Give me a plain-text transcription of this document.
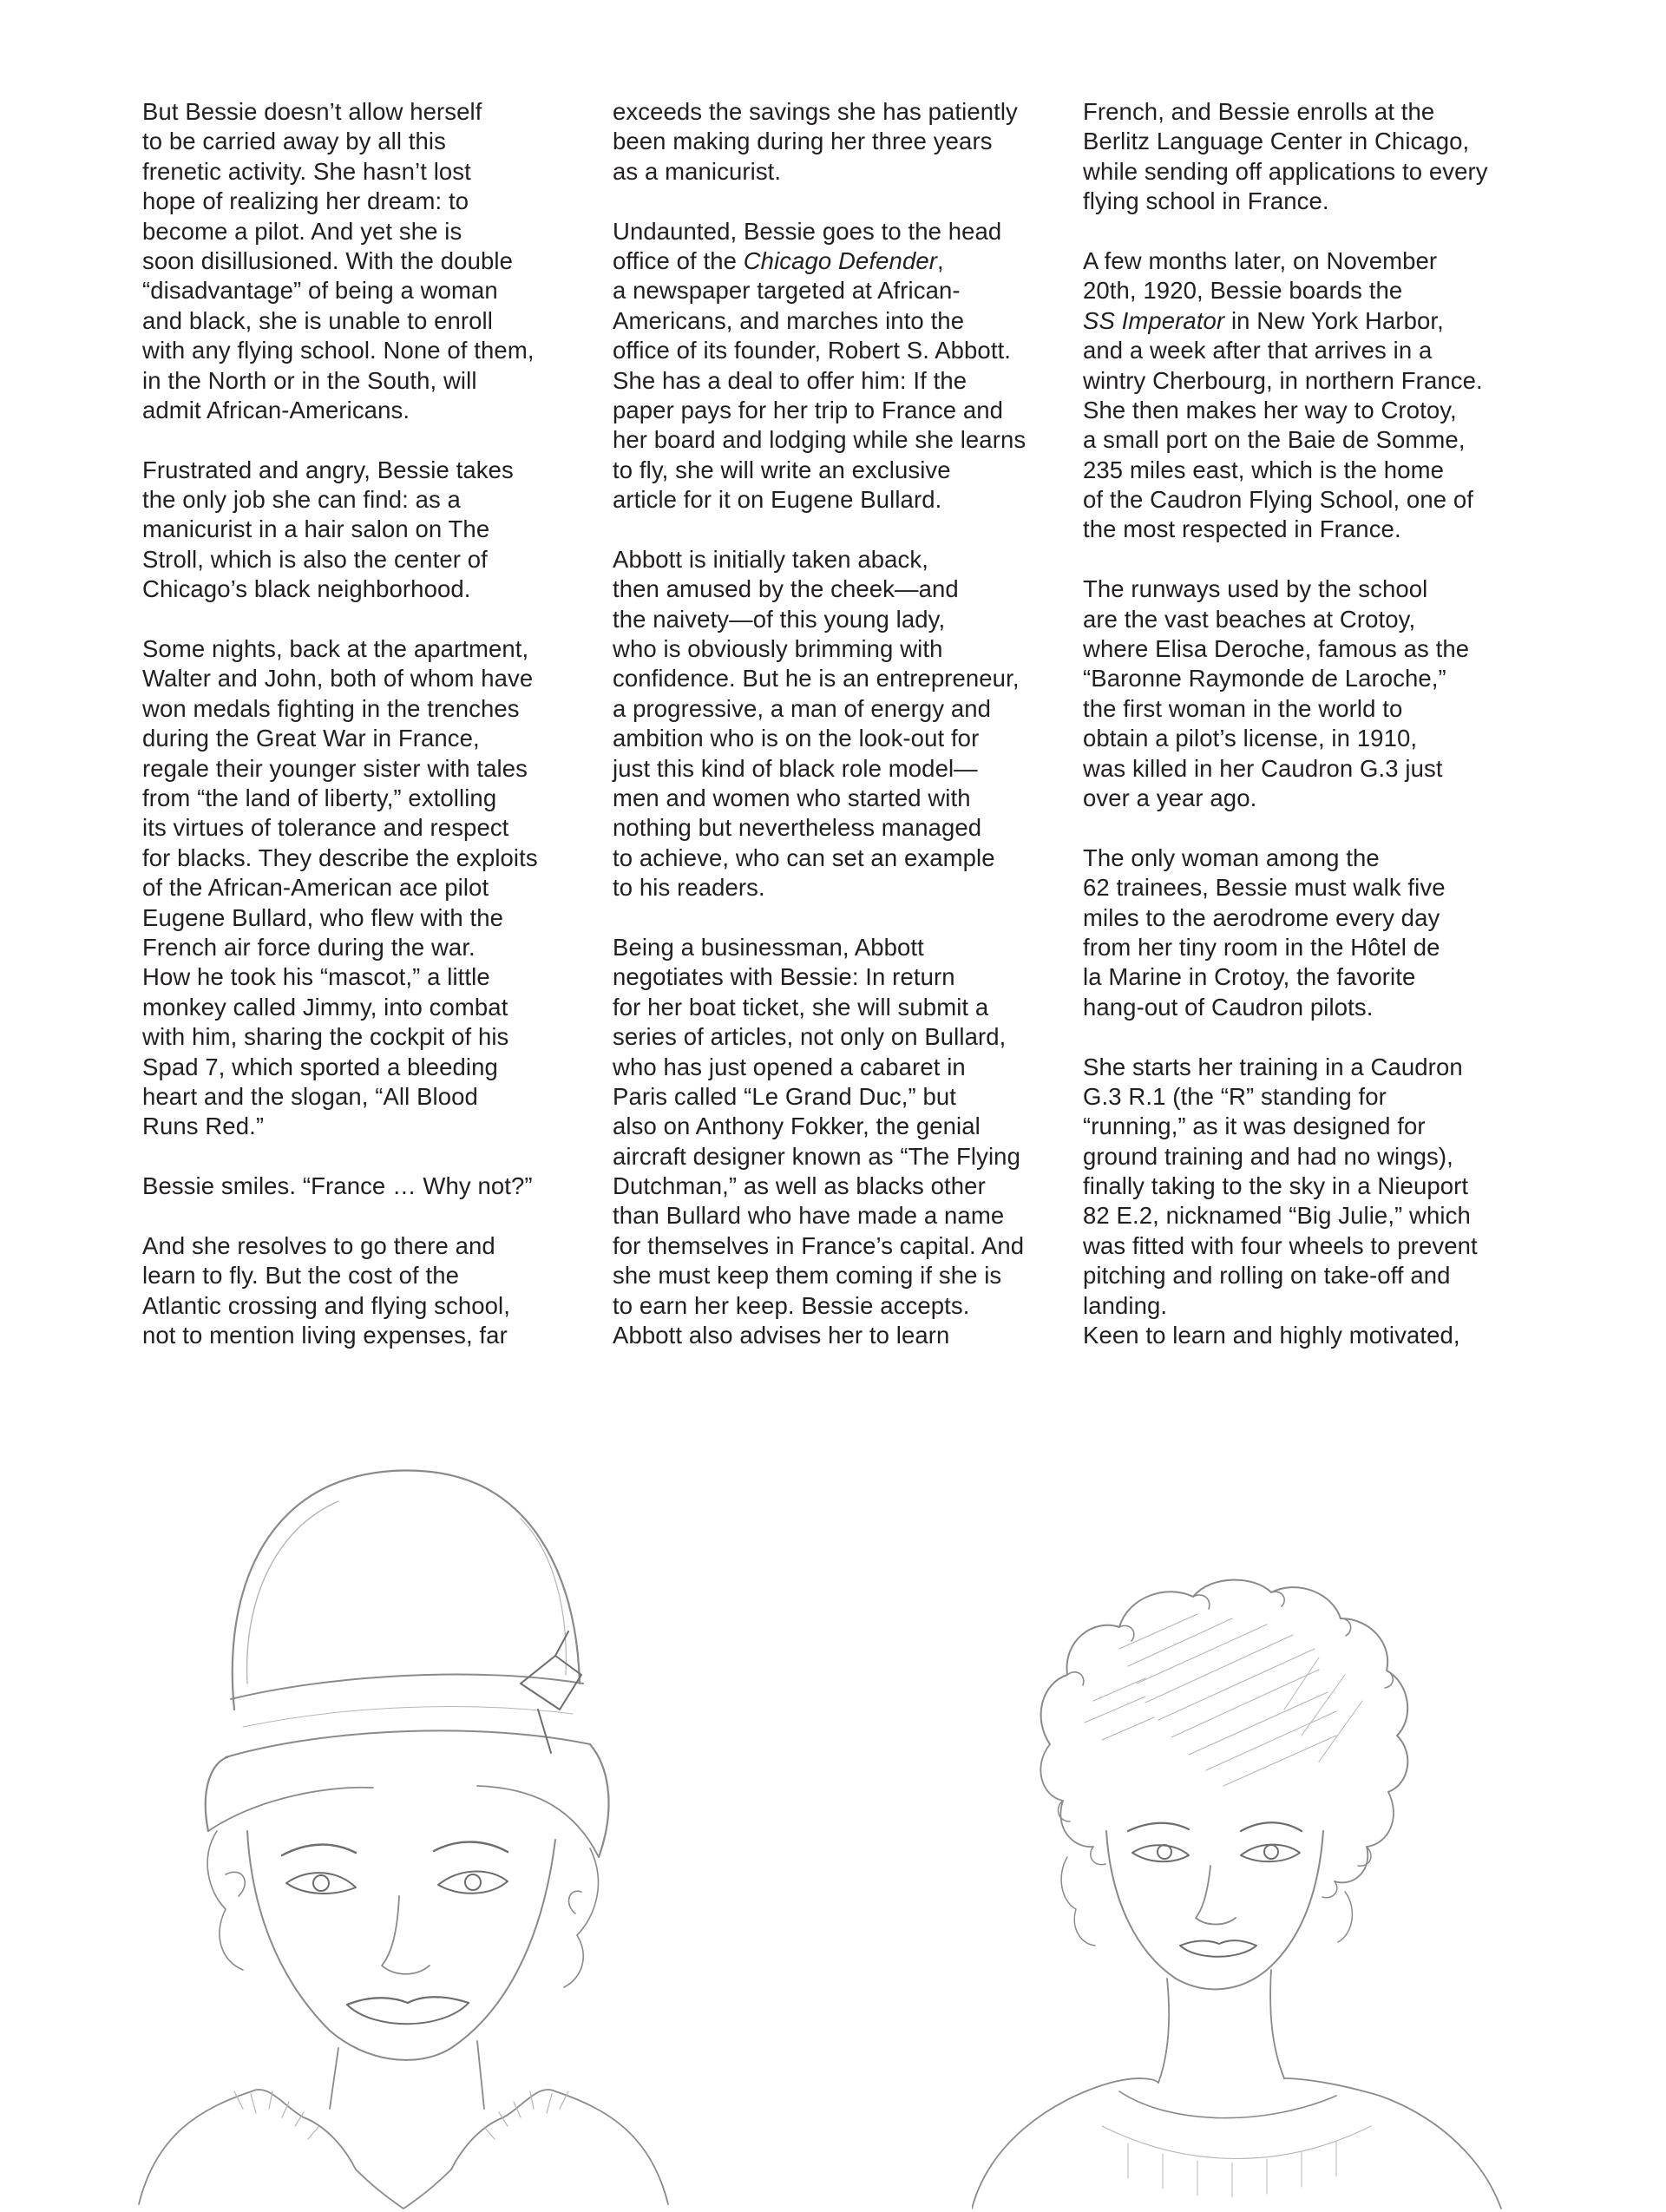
But Bessie doesn’t allow herself
to be carried away by all this
frenetic activity. She hasn’t lost
hope of realizing her dream: to
become a pilot. And yet she is
soon disillusioned. With the double
“disadvantage” of being a woman
and black, she is unable to enroll
with any flying school. None of them,
in the North or in the South, will
admit African-Americans.
Frustrated and angry, Bessie takes
the only job she can find: as a
manicurist in a hair salon on The
Stroll, which is also the center of
Chicago’s black neighborhood.
Some nights, back at the apartment,
Walter and John, both of whom have
won medals fighting in the trenches
during the Great War in France,
regale their younger sister with tales
from “the land of liberty,” extolling
its virtues of tolerance and respect
for blacks. They describe the exploits
of the African-American ace pilot
Eugene Bullard, who flew with the
French air force during the war.
How he took his “mascot,” a little
monkey called Jimmy, into combat
with him, sharing the cockpit of his
Spad 7, which sported a bleeding
heart and the slogan, “All Blood
Runs Red.”
Bessie smiles. “France … Why not?”
And she resolves to go there and
learn to fly. But the cost of the
Atlantic crossing and flying school,
not to mention living expenses, far
exceeds the savings she has patiently
been making during her three years
as a manicurist.
Undaunted, Bessie goes to the head
office of the Chicago Defender,
a newspaper targeted at African-
Americans, and marches into the
office of its founder, Robert S. Abbott.
She has a deal to offer him: If the
paper pays for her trip to France and
her board and lodging while she learns
to fly, she will write an exclusive
article for it on Eugene Bullard.
Abbott is initially taken aback,
then amused by the cheek—and
the naivety—of this young lady,
who is obviously brimming with
confidence. But he is an entrepreneur,
a progressive, a man of energy and
ambition who is on the look-out for
just this kind of black role model—
men and women who started with
nothing but nevertheless managed
to achieve, who can set an example
to his readers.
Being a businessman, Abbott
negotiates with Bessie: In return
for her boat ticket, she will submit a
series of articles, not only on Bullard,
who has just opened a cabaret in
Paris called “Le Grand Duc,” but
also on Anthony Fokker, the genial
aircraft designer known as “The Flying
Dutchman,” as well as blacks other
than Bullard who have made a name
for themselves in France’s capital. And
she must keep them coming if she is
to earn her keep. Bessie accepts.
Abbott also advises her to learn
French, and Bessie enrolls at the
Berlitz Language Center in Chicago,
while sending off applications to every
flying school in France.
A few months later, on November
20th, 1920, Bessie boards the
SS Imperator in New York Harbor,
and a week after that arrives in a
wintry Cherbourg, in northern France.
She then makes her way to Crotoy,
a small port on the Baie de Somme,
235 miles east, which is the home
of the Caudron Flying School, one of
the most respected in France.
The runways used by the school
are the vast beaches at Crotoy,
where Elisa Deroche, famous as the
“Baronne Raymonde de Laroche,”
the first woman in the world to
obtain a pilot’s license, in 1910,
was killed in her Caudron G.3 just
over a year ago.
The only woman among the
62 trainees, Bessie must walk five
miles to the aerodrome every day
from her tiny room in the Hôtel de
la Marine in Crotoy, the favorite
hang-out of Caudron pilots.
She starts her training in a Caudron
G.3 R.1 (the “R” standing for
“running,” as it was designed for
ground training and had no wings),
finally taking to the sky in a Nieuport
82 E.2, nicknamed “Big Julie,” which
was fitted with four wheels to prevent
pitching and rolling on take-off and
landing.
Keen to learn and highly motivated,
